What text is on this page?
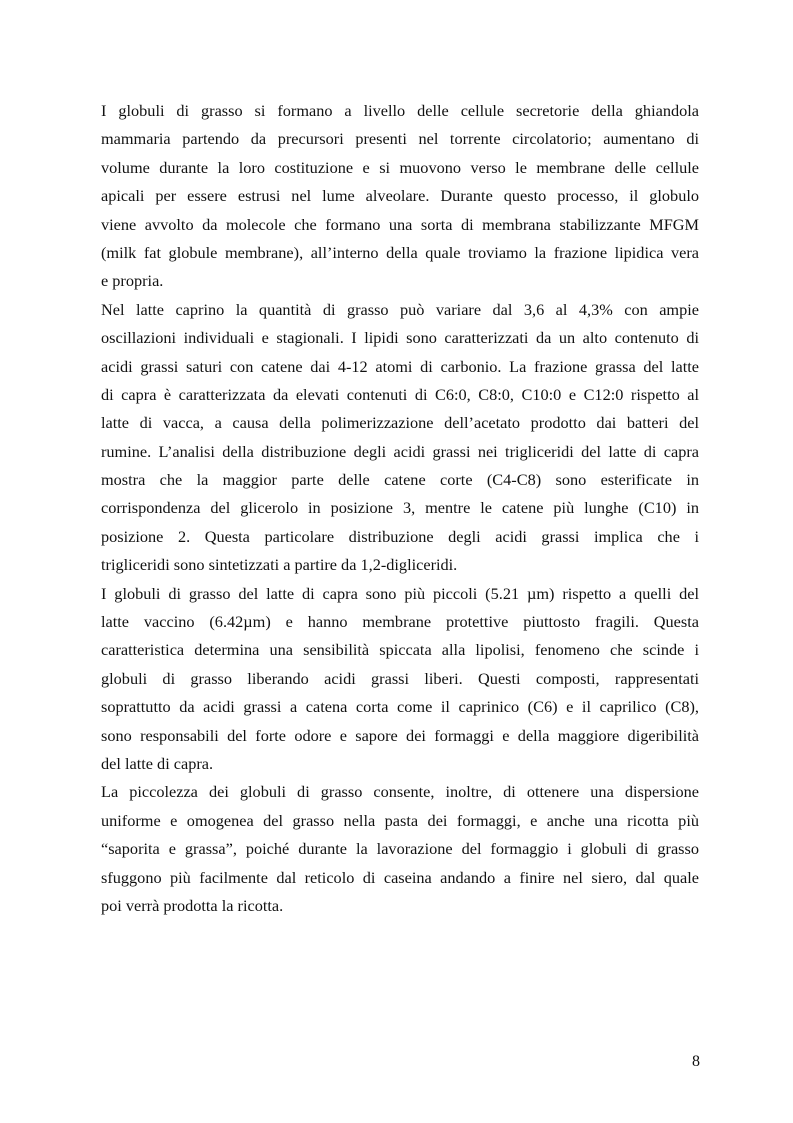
I globuli di grasso si formano a livello delle cellule secretorie della ghiandola
mammaria partendo da precursori presenti nel torrente circolatorio; aumentano di
volume durante la loro costituzione e si muovono verso le membrane delle cellule
apicali per essere estrusi nel lume alveolare. Durante questo processo, il globulo
viene avvolto da molecole che formano una sorta di membrana stabilizzante MFGM
(milk fat globule membrane), all’interno della quale troviamo la frazione lipidica vera
e propria.

Nel latte caprino la quantità di grasso può variare dal 3,6 al 4,3% con ampie
oscillazioni individuali e stagionali. I lipidi sono caratterizzati da un alto contenuto di
acidi grassi saturi con catene dai 4-12 atomi di carbonio. La frazione grassa del latte
di capra è caratterizzata da elevati contenuti di C6:0, C8:0, C10:0 e C12:0 rispetto al
latte di vacca, a causa della polimerizzazione dell’acetato prodotto dai batteri del
rumine. L’analisi della distribuzione degli acidi grassi nei trigliceridi del latte di capra
mostra che la maggior parte delle catene corte (C4-C8) sono esterificate in
corrispondenza del glicerolo in posizione 3, mentre le catene più lunghe (C10) in
posizione 2. Questa particolare distribuzione degli acidi grassi implica che i
trigliceridi sono sintetizzati a partire da 1,2-digliceridi.

I globuli di grasso del latte di capra sono più piccoli (5.21 µm) rispetto a quelli del
latte vaccino (6.42µm) e hanno membrane protettive piuttosto fragili. Questa
caratteristica determina una sensibilità spiccata alla lipolisi, fenomeno che scinde i
globuli di grasso liberando acidi grassi liberi. Questi composti, rappresentati
soprattutto da acidi grassi a catena corta come il caprinico (C6) e il caprilico (C8),
sono responsabili del forte odore e sapore dei formaggi e della maggiore digeribilità
del latte di capra.

La piccolezza dei globuli di grasso consente, inoltre, di ottenere una dispersione
uniforme e omogenea del grasso nella pasta dei formaggi, e anche una ricotta più
“saporita e grassa”, poiché durante la lavorazione del formaggio i globuli di grasso
sfuggono più facilmente dal reticolo di caseina andando a finire nel siero, dal quale
poi verrà prodotta la ricotta.

8
